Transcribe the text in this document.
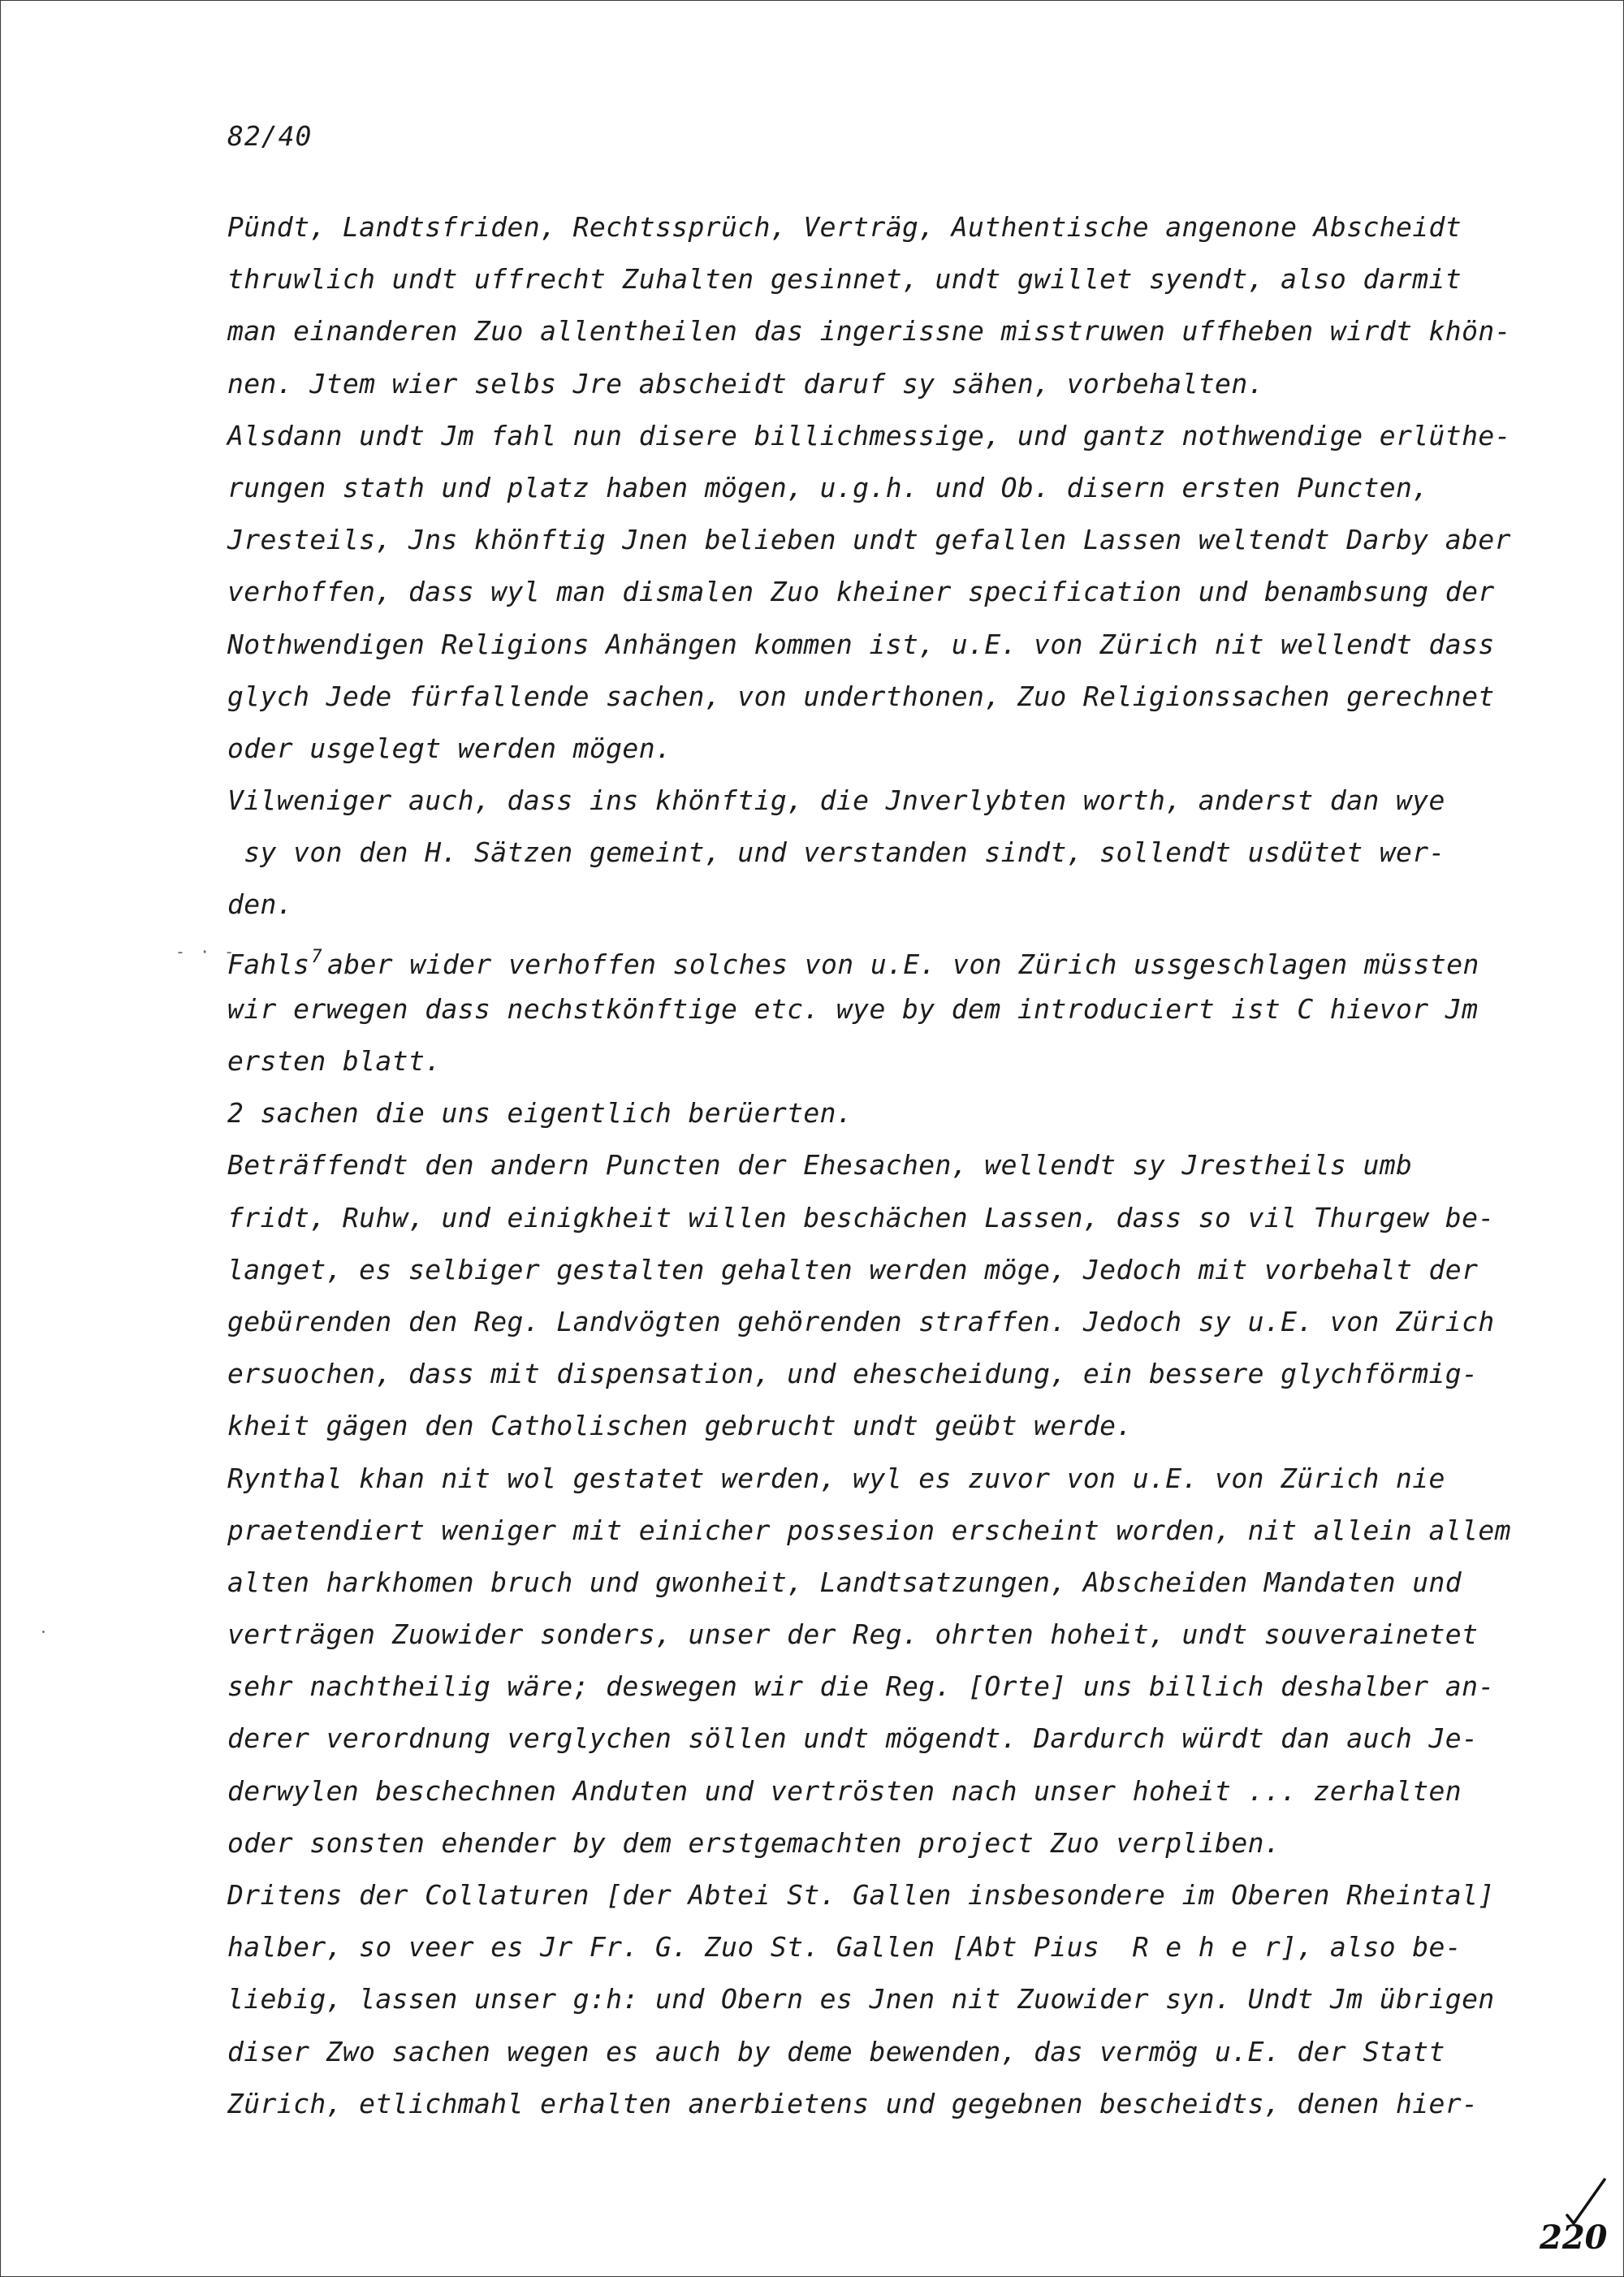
82/40
Pündt, Landtsfriden, Rechtssprüch, Verträg, Authentische angenone Abscheidt
thruwlich undt uffrecht Zuhalten gesinnet, undt gwillet syendt, also darmit
man einanderen Zuo allentheilen das ingerissne misstruwen uffheben wirdt khön-
nen. Jtem wier selbs Jre abscheidt daruf sy sähen, vorbehalten.
Alsdann undt Jm fahl nun disere billichmessige, und gantz nothwendige erlüthe-
rungen stath und platz haben mögen, u.g.h. und Ob. disern ersten Puncten,
Jresteils, Jns khönftig Jnen belieben undt gefallen Lassen weltendt Darby aber
verhoffen, dass wyl man dismalen Zuo kheiner specification und benambsung der
Nothwendigen Religions Anhängen kommen ist, u.E. von Zürich nit wellendt dass
glych Jede fürfallende sachen, von underthonen, Zuo Religionssachen gerechnet
oder usgelegt werden mögen.
Vilweniger auch, dass ins khönftig, die Jnverlybten worth, anderst dan wye
sy von den H. Sätzen gemeint, und verstanden sindt, sollendt usdütet wer-
den.
Fahls$^7$ aber wider verhoffen solches von u.E. von Zürich ussgeschlagen müssten
wir erwegen dass nechstkönftige etc. wye by dem introduciert ist C hievor Jm
ersten blatt.
2 sachen die uns eigentlich berüerten.
Beträffendt den andern Puncten der Ehesachen, wellendt sy Jrestheils umb
fridt, Ruhw, und einigkheit willen beschächen Lassen, dass so vil Thurgew be-
langet, es selbiger gestalten gehalten werden möge, Jedoch mit vorbehalt der
gebürenden den Reg. Landvögten gehörenden straffen. Jedoch sy u.E. von Zürich
ersuochen, dass mit dispensation, und ehescheidung, ein bessere glychförmig-
kheit gägen den Catholischen gebrucht undt geübt werde.
Rynthal khan nit wol gestatet werden, wyl es zuvor von u.E. von Zürich nie
praetendiert weniger mit einicher possesion erscheint worden, nit allein allem
alten harkhomen bruch und gwonheit, Landtsatzungen, Abscheiden Mandaten und
verträgen Zuowider sonders, unser der Reg. ohrten hoheit, undt souverainetet
sehr nachtheilig wäre; deswegen wir die Reg. [Orte] uns billich deshalber an-
derer verordnung verglychen söllen undt mögendt. Dardurch würdt dan auch Je-
derwylen beschechnen Anduten und vertrösten nach unser hoheit ... zerhalten
oder sonsten ehender by dem erstgemachten project Zuo verpliben.
Dritens der Collaturen [der Abtei St. Gallen insbesondere im Oberen Rheintal]
halber, so veer es Jr Fr. G. Zuo St. Gallen [Abt Pius  R e h e r], also be-
liebig, lassen unser g:h: und Obern es Jnen nit Zuowider syn. Undt Jm übrigen
diser Zwo sachen wegen es auch by deme bewenden, das vermög u.E. der Statt
Zürich, etlichmahl erhalten anerbietens und gegebnen bescheidts, denen hier-
- · -
220
